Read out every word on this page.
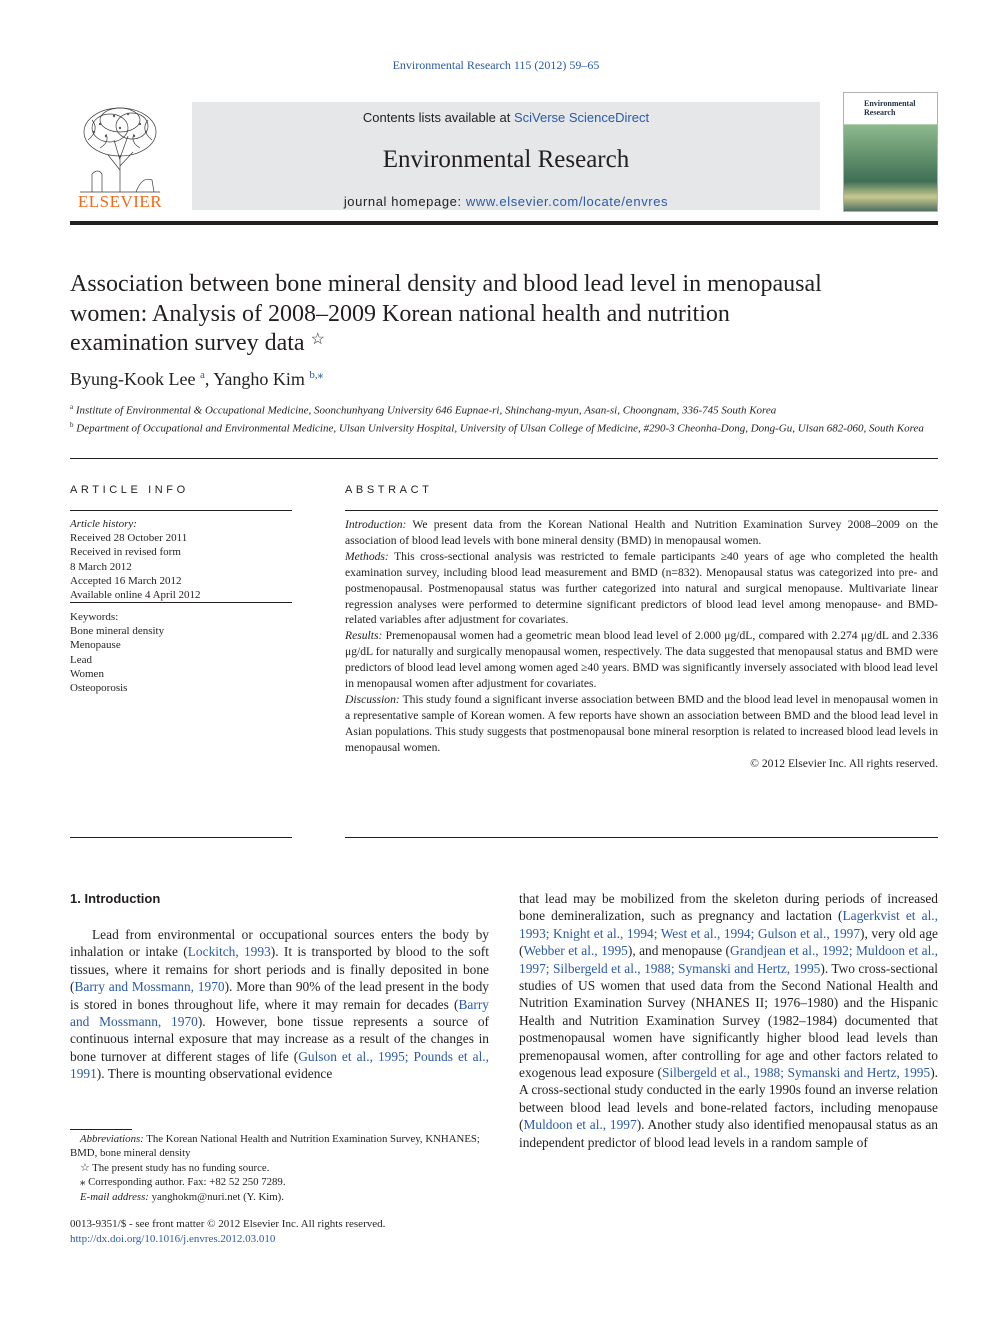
Environmental Research 115 (2012) 59–65
ELSEVIER
Contents lists available at SciVerse ScienceDirect
Environmental Research
journal homepage: www.elsevier.com/locate/envres
Environmental Research
Association between bone mineral density and blood lead level in menopausal women: Analysis of 2008–2009 Korean national health and nutrition examination survey data ☆
Byung-Kook Lee $^a$, Yangho Kim $^{b,⁎}$
$^a$ Institute of Environmental & Occupational Medicine, Soonchunhyang University 646 Eupnae-ri, Shinchang-myun, Asan-si, Choongnam, 336-745 South Korea
$^b$ Department of Occupational and Environmental Medicine, Ulsan University Hospital, University of Ulsan College of Medicine, #290-3 Cheonha-Dong, Dong-Gu, Ulsan 682-060, South Korea
ARTICLE INFO	ABSTRACT
Article history:
Received 28 October 2011
Received in revised form
8 March 2012
Accepted 16 March 2012
Available online 4 April 2012
Keywords:
Bone mineral density
Menopause
Lead
Women
Osteoporosis

Introduction: We present data from the Korean National Health and Nutrition Examination Survey 2008–2009 on the association of blood lead levels with bone mineral density (BMD) in menopausal women.

Methods: This cross-sectional analysis was restricted to female participants ≥40 years of age who completed the health examination survey, including blood lead measurement and BMD (n=832). Menopausal status was categorized into pre- and postmenopausal. Postmenopausal status was further categorized into natural and surgical menopause. Multivariate linear regression analyses were performed to determine significant predictors of blood lead level among menopause- and BMD-related variables after adjustment for covariates.

Results: Premenopausal women had a geometric mean blood lead level of 2.000 μg/dL, compared with 2.274 μg/dL and 2.336 μg/dL for naturally and surgically menopausal women, respectively. The data suggested that menopausal status and BMD were predictors of blood lead level among women aged ≥40 years. BMD was significantly inversely associated with blood lead level in menopausal women after adjustment for covariates.

Discussion: This study found a significant inverse association between BMD and the blood lead level in menopausal women in a representative sample of Korean women. A few reports have shown an association between BMD and the blood lead level in Asian populations. This study suggests that postmenopausal bone mineral resorption is related to increased blood lead levels in menopausal women.

© 2012 Elsevier Inc. All rights reserved.

1. Introduction

Lead from environmental or occupational sources enters the body by inhalation or intake (Lockitch, 1993). It is transported by blood to the soft tissues, where it remains for short periods and is finally deposited in bone (Barry and Mossmann, 1970). More than 90% of the lead present in the body is stored in bones throughout life, where it may remain for decades (Barry and Mossmann, 1970). However, bone tissue represents a source of continuous internal exposure that may increase as a result of the changes in bone turnover at different stages of life (Gulson et al., 1995; Pounds et al., 1991). There is mounting observational evidence

that lead may be mobilized from the skeleton during periods of increased bone demineralization, such as pregnancy and lactation (Lagerkvist et al., 1993; Knight et al., 1994; West et al., 1994; Gulson et al., 1997), very old age (Webber et al., 1995), and menopause (Grandjean et al., 1992; Muldoon et al., 1997; Silbergeld et al., 1988; Symanski and Hertz, 1995). Two cross-sectional studies of US women that used data from the Second National Health and Nutrition Examination Survey (NHANES II; 1976–1980) and the Hispanic Health and Nutrition Examination Survey (1982–1984) documented that postmenopausal women have significantly higher blood lead levels than premenopausal women, after controlling for age and other factors related to exogenous lead exposure (Silbergeld et al., 1988; Symanski and Hertz, 1995). A cross-sectional study conducted in the early 1990s found an inverse relation between blood lead levels and bone-related factors, including menopause (Muldoon et al., 1997). Another study also identified menopausal status as an independent predictor of blood lead levels in a random sample of

Abbreviations: The Korean National Health and Nutrition Examination Survey, KNHANES; BMD, bone mineral density
☆ The present study has no funding source.
⁎ Corresponding author. Fax: +82 52 250 7289.
E-mail address: yanghokm@nuri.net (Y. Kim).
0013-9351/$ - see front matter © 2012 Elsevier Inc. All rights reserved.
http://dx.doi.org/10.1016/j.envres.2012.03.010
